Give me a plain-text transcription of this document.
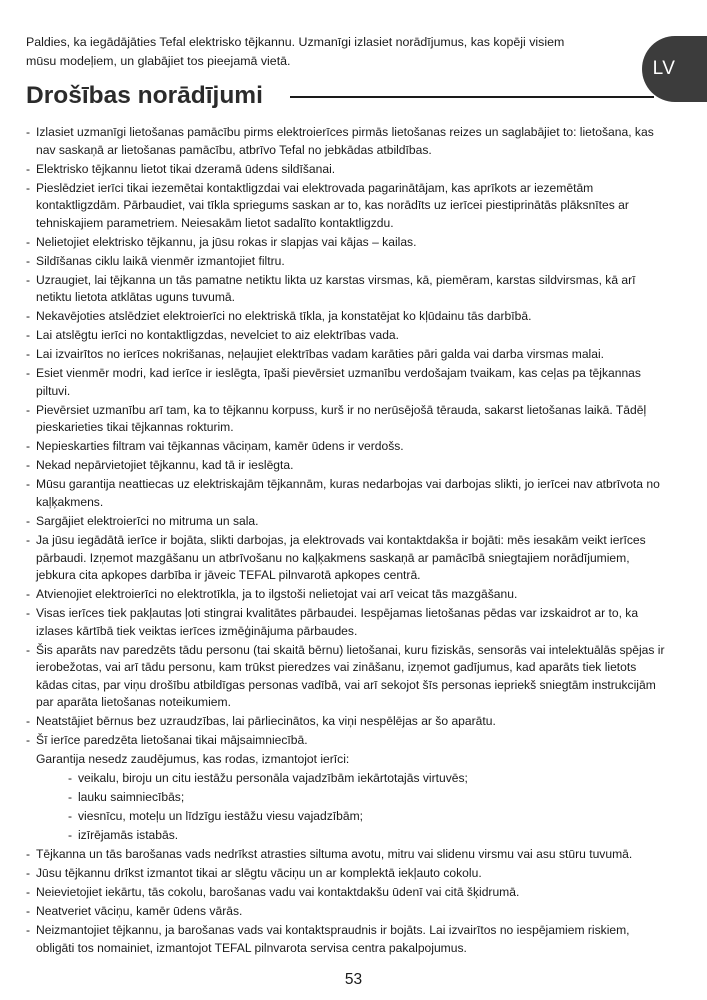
Paldies, ka iegādājāties Tefal elektrisko tējkannu. Uzmanīgi izlasiet norādījumus, kas kopēji visiem mūsu modeļiem, un glabājiet tos pieejamā vietā.	LV
Drošības norādījumi
- Izlasiet uzmanīgi lietošanas pamācību pirms elektroierīces pirmās lietošanas reizes un saglabājiet to: lietošana, kas nav saskaņā ar lietošanas pamācību, atbrīvo Tefal no jebkādas atbildības.
- Elektrisko tējkannu lietot tikai dzeramā ūdens sildīšanai.
- Pieslēdziet ierīci tikai iezemētai kontaktligzdai vai elektrovada pagarinātājam, kas aprīkots ar iezemētām kontaktligzdām. Pārbaudiet, vai tīkla spriegums saskan ar to, kas norādīts uz ierīcei piestiprinātās plāksnītes ar tehniskajiem parametriem. Neiesakām lietot sadalīto kontaktligzdu.
- Nelietojiet elektrisko tējkannu, ja jūsu rokas ir slapjas vai kājas – kailas.
- Sildīšanas ciklu laikā vienmēr izmantojiet filtru.
- Uzraugiet, lai tējkanna un tās pamatne netiktu likta uz karstas virsmas, kā, piemēram, karstas sildvirsmas, kā arī netiktu lietota atklātas uguns tuvumā.
- Nekavējoties atslēdziet elektroierīci no elektriskā tīkla, ja konstatējat ko kļūdainu tās darbībā.
- Lai atslēgtu ierīci no kontaktligzdas, nevelciet to aiz elektrības vada.
- Lai izvairītos no ierīces nokrišanas, neļaujiet elektrības vadam karāties pāri galda vai darba virsmas malai.
- Esiet vienmēr modri, kad ierīce ir ieslēgta, īpaši pievērsiet uzmanību verdošajam tvaikam, kas ceļas pa tējkannas piltuvi.
- Pievērsiet uzmanību arī tam, ka to tējkannu korpuss, kurš ir no nerūsējošā tērauda, sakarst lietošanas laikā. Tādēļ pieskarieties tikai tējkannas rokturim.
- Nepieskarties filtram vai tējkannas vāciņam, kamēr ūdens ir verdošs.
- Nekad nepārvietojiet tējkannu, kad tā ir ieslēgta.
- Mūsu garantija neattiecas uz elektriskajām tējkannām, kuras nedarbojas vai darbojas slikti, jo ierīcei nav atbrīvota no kaļķakmens.
- Sargājiet elektroierīci no mitruma un sala.
- Ja jūsu iegādātā ierīce ir bojāta, slikti darbojas, ja elektrovads vai kontaktdakša ir bojāti: mēs iesakām veikt ierīces pārbaudi. Izņemot mazgāšanu un atbrīvošanu no kaļķakmens saskaņā ar pamācībā sniegtajiem norādījumiem, jebkura cita apkopes darbība ir jāveic TEFAL pilnvarotā apkopes centrā.
- Atvienojiet elektroierīci no elektrotīkla, ja to ilgstoši nelietojat vai arī veicat tās mazgāšanu.
- Visas ierīces tiek pakļautas ļoti stingrai kvalitātes pārbaudei. Iespējamas lietošanas pēdas var izskaidrot ar to, ka izlases kārtībā tiek veiktas ierīces izmēģinājuma pārbaudes.
- Šis aparāts nav paredzēts tādu personu (tai skaitā bērnu) lietošanai, kuru fiziskās, sensorās vai intelektuālās spējas ir ierobežotas, vai arī tādu personu, kam trūkst pieredzes vai zināšanu, izņemot gadījumus, kad aparāts tiek lietots kādas citas, par viņu drošību atbildīgas personas vadībā, vai arī sekojot šīs personas iepriekš sniegtām instrukcijām par aparāta lietošanas noteikumiem.
- Neatstājiet bērnus bez uzraudzības, lai pārliecinātos, ka viņi nespēlējas ar šo aparātu.
- Šī ierīce paredzēta lietošanai tikai mājsaimniecībā.
Garantija nesedz zaudējumus, kas rodas, izmantojot ierīci:
- veikalu, biroju un citu iestāžu personāla vajadzībām iekārtotajās virtuvēs;
- lauku saimniecībās;
- viesnīcu, moteļu un līdzīgu iestāžu viesu vajadzībām;
- izīrējamās istabās.
- Tējkanna un tās barošanas vads nedrīkst atrasties siltuma avotu, mitru vai slidenu virsmu vai asu stūru tuvumā.
- Jūsu tējkannu drīkst izmantot tikai ar slēgtu vāciņu un ar komplektā iekļauto cokolu.
- Neievietojiet iekārtu, tās cokolu, barošanas vadu vai kontaktdakšu ūdenī vai citā šķidrumā.
- Neatveriet vāciņu, kamēr ūdens vārās.
- Neizmantojiet tējkannu, ja barošanas vads vai kontaktspraudnis ir bojāts. Lai izvairītos no iespējamiem riskiem, obligāti tos nomainiet, izmantojot TEFAL pilnvarota servisa centra pakalpojumus.
53
